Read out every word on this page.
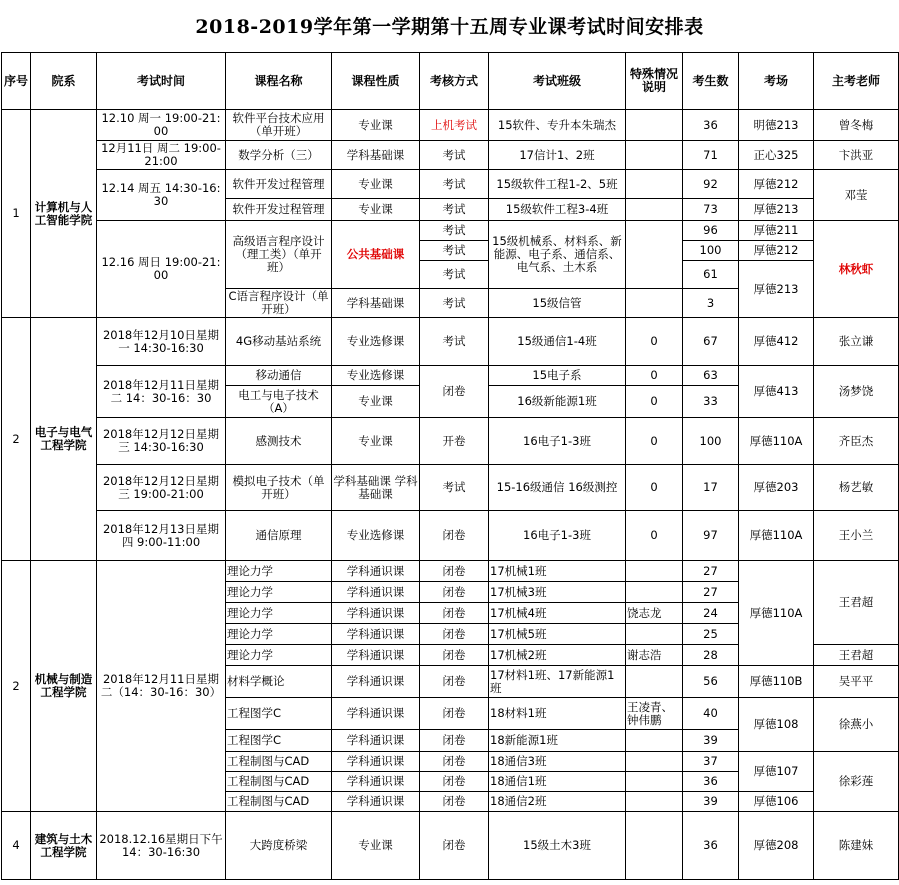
2018-2019学年第一学期第十五周专业课考试时间安排表
序号	院系	考试时间	课程名称	课程性质	考核方式	考试班级	特殊情况说明	考生数	考场	主考老师
1	计算机与人工智能学院	12.10 周一 19:00-21:00	软件平台技术应用（单开班）	专业课	上机考试	15软件、专升本朱瑞杰		36	明德213	曾冬梅
		12月11日 周二 19:00-21:00	数学分析（三）	学科基础课	考试	17信计1、2班		71	正心325	卞洪亚
		12.14 周五 14:30-16:30	软件开发过程管理	专业课	考试	15级软件工程1-2、5班		92	厚德212	邓莹
			软件开发过程管理	专业课	考试	15级软件工程3-4班		73	厚德213	
		12.16 周日 19:00-21:00	高级语言程序设计（理工类）（单开班）	公共基础课	考试	15级机械系、材料系、新能源、电子系、通信系、电气系、土木系		96	厚德211	林秋虾
					考试			100	厚德212	
					考试			61	厚德213	

			C语言程序设计（单开班）	学科基础课	考试	15级信管		3		
2	电子与电气工程学院	2018年12月10日星期一 14:30-16:30	4G移动基站系统	专业选修课	考试	15级通信1-4班	0	67	厚德412	张立谦
		2018年12月11日星期二 14：30-16：30	移动通信	专业选修课	闭卷	15电子系	0	63	厚德413	汤梦饶
			电工与电子技术（A）	专业课		16级新能源1班	0	33		
		2018年12月12日星期三 14:30-16:30	感测技术	专业课	开卷	16电子1-3班	0	100	厚德110A	齐臣杰
		2018年12月12日星期三 19:00-21:00	模拟电子技术（单开班）	学科基础课 学科基础课	考试	15-16级通信 16级测控	0	17	厚德203	杨艺敏
		2018年12月13日星期四 9:00-11:00	通信原理	专业选修课	闭卷	16电子1-3班	0	97	厚德110A	王小兰

2	机械与制造工程学院	2018年12月11日星期二（14：30-16：30）	理论力学	学科通识课	闭卷	17机械1班		27	厚德110A	王君超
			理论力学	学科通识课	闭卷	17机械3班		27		
			理论力学	学科通识课	闭卷	17机械4班	饶志龙	24		
			理论力学	学科通识课	闭卷	17机械5班		25		
			理论力学	学科通识课	闭卷	17机械2班	谢志浩	28		王君超
			材料学概论	学科通识课	闭卷	17材料1班、17新能源1班		56	厚德110B	吴平平
			工程图学C	学科通识课	闭卷	18材料1班	王凌青、钟伟鹏	40	厚德108	徐燕小
			工程图学C	学科通识课	闭卷	18新能源1班		39		
			工程制图与CAD	学科通识课	闭卷	18通信3班		37	厚德107	徐彩莲
			工程制图与CAD	学科通识课	闭卷	18通信1班		36		
			工程制图与CAD	学科通识课	闭卷	18通信2班		39	厚德106	
4	建筑与土木工程学院	2018.12.16星期日下午14：30-16:30	大跨度桥梁	专业课	闭卷	15级土木3班		36	厚德208	陈建妹
